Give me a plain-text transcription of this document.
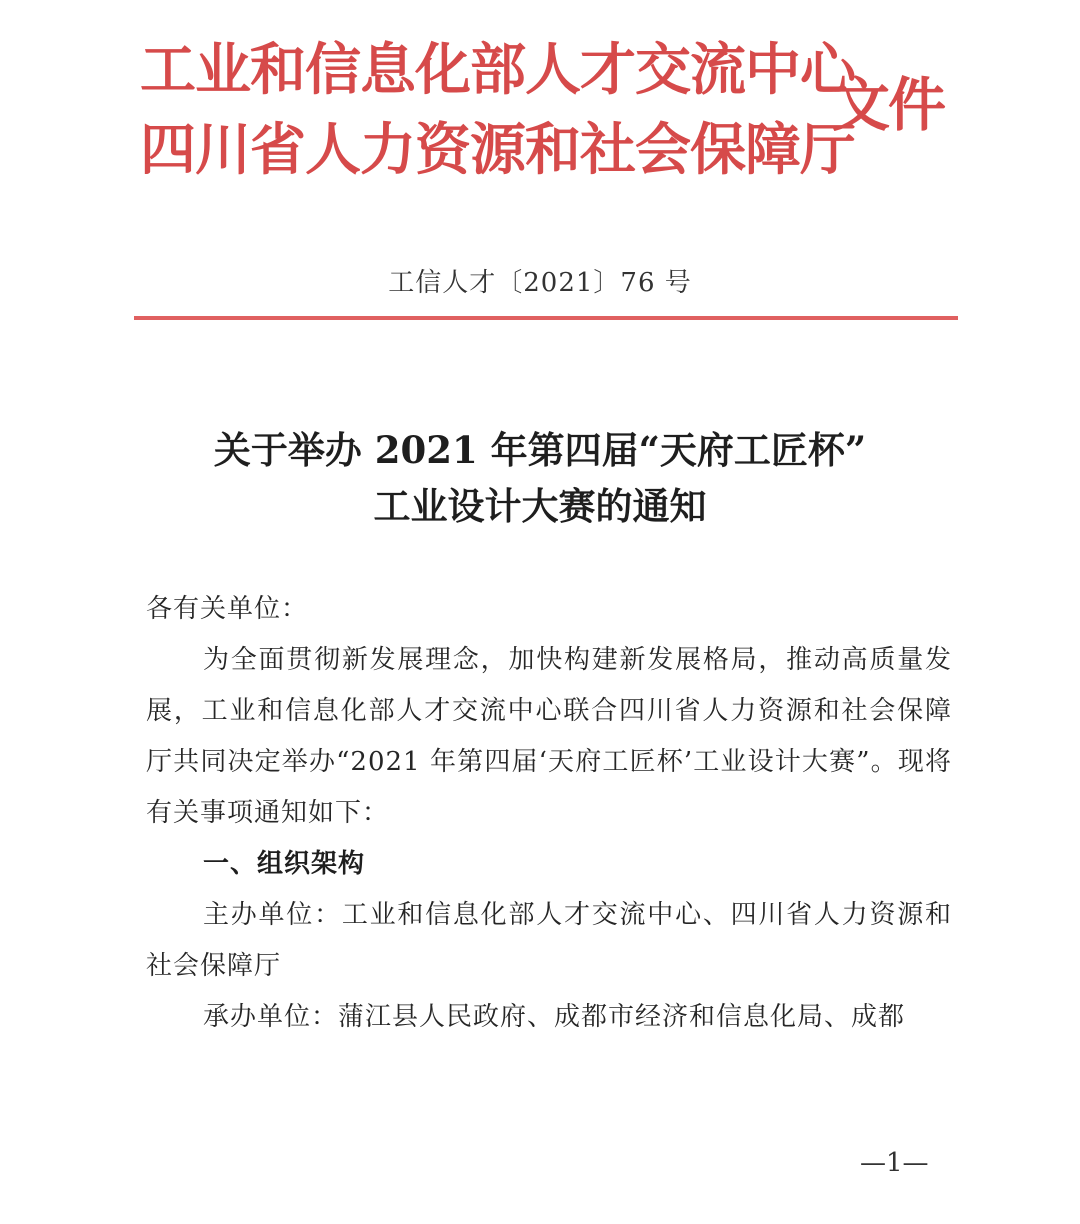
工业和信息化部人才交流中心
四川省人力资源和社会保障厅
文件
工信人才〔2021〕76 号
关于举办 2021 年第四届“天府工匠杯”
工业设计大赛的通知

各有关单位：

为全面贯彻新发展理念，加快构建新发展格局，推动高质量发展，工业和信息化部人才交流中心联合四川省人力资源和社会保障厅共同决定举办“2021 年第四届‘天府工匠杯’工业设计大赛”。现将有关事项通知如下：

一、组织架构

主办单位：工业和信息化部人才交流中心、四川省人力资源和社会保障厅

承办单位：蒲江县人民政府、成都市经济和信息化局、成都

—1—
